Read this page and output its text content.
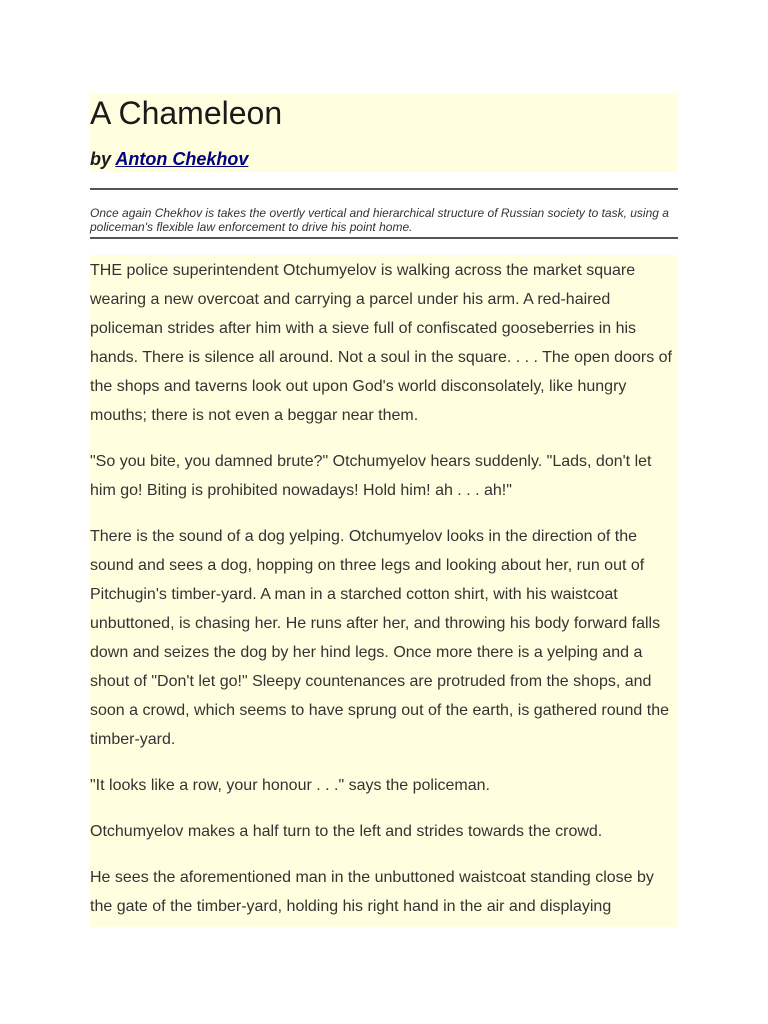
A Chameleon

by Anton Chekhov

Once again Chekhov is takes the overtly vertical and hierarchical structure of Russian society to task, using a policeman's flexible law enforcement to drive his point home.

THE police superintendent Otchumyelov is walking across the market square wearing a new overcoat and carrying a parcel under his arm. A red-haired policeman strides after him with a sieve full of confiscated gooseberries in his hands. There is silence all around. Not a soul in the square. . . . The open doors of the shops and taverns look out upon God's world disconsolately, like hungry mouths; there is not even a beggar near them.

"So you bite, you damned brute?" Otchumyelov hears suddenly. "Lads, don't let him go! Biting is prohibited nowadays! Hold him! ah . . . ah!"

There is the sound of a dog yelping. Otchumyelov looks in the direction of the sound and sees a dog, hopping on three legs and looking about her, run out of Pitchugin's timber-yard. A man in a starched cotton shirt, with his waistcoat unbuttoned, is chasing her. He runs after her, and throwing his body forward falls down and seizes the dog by her hind legs. Once more there is a yelping and a shout of "Don't let go!" Sleepy countenances are protruded from the shops, and soon a crowd, which seems to have sprung out of the earth, is gathered round the timber-yard.

"It looks like a row, your honour . . ." says the policeman.

Otchumyelov makes a half turn to the left and strides towards the crowd.

He sees the aforementioned man in the unbuttoned waistcoat standing close by the gate of the timber-yard, holding his right hand in the air and displaying
